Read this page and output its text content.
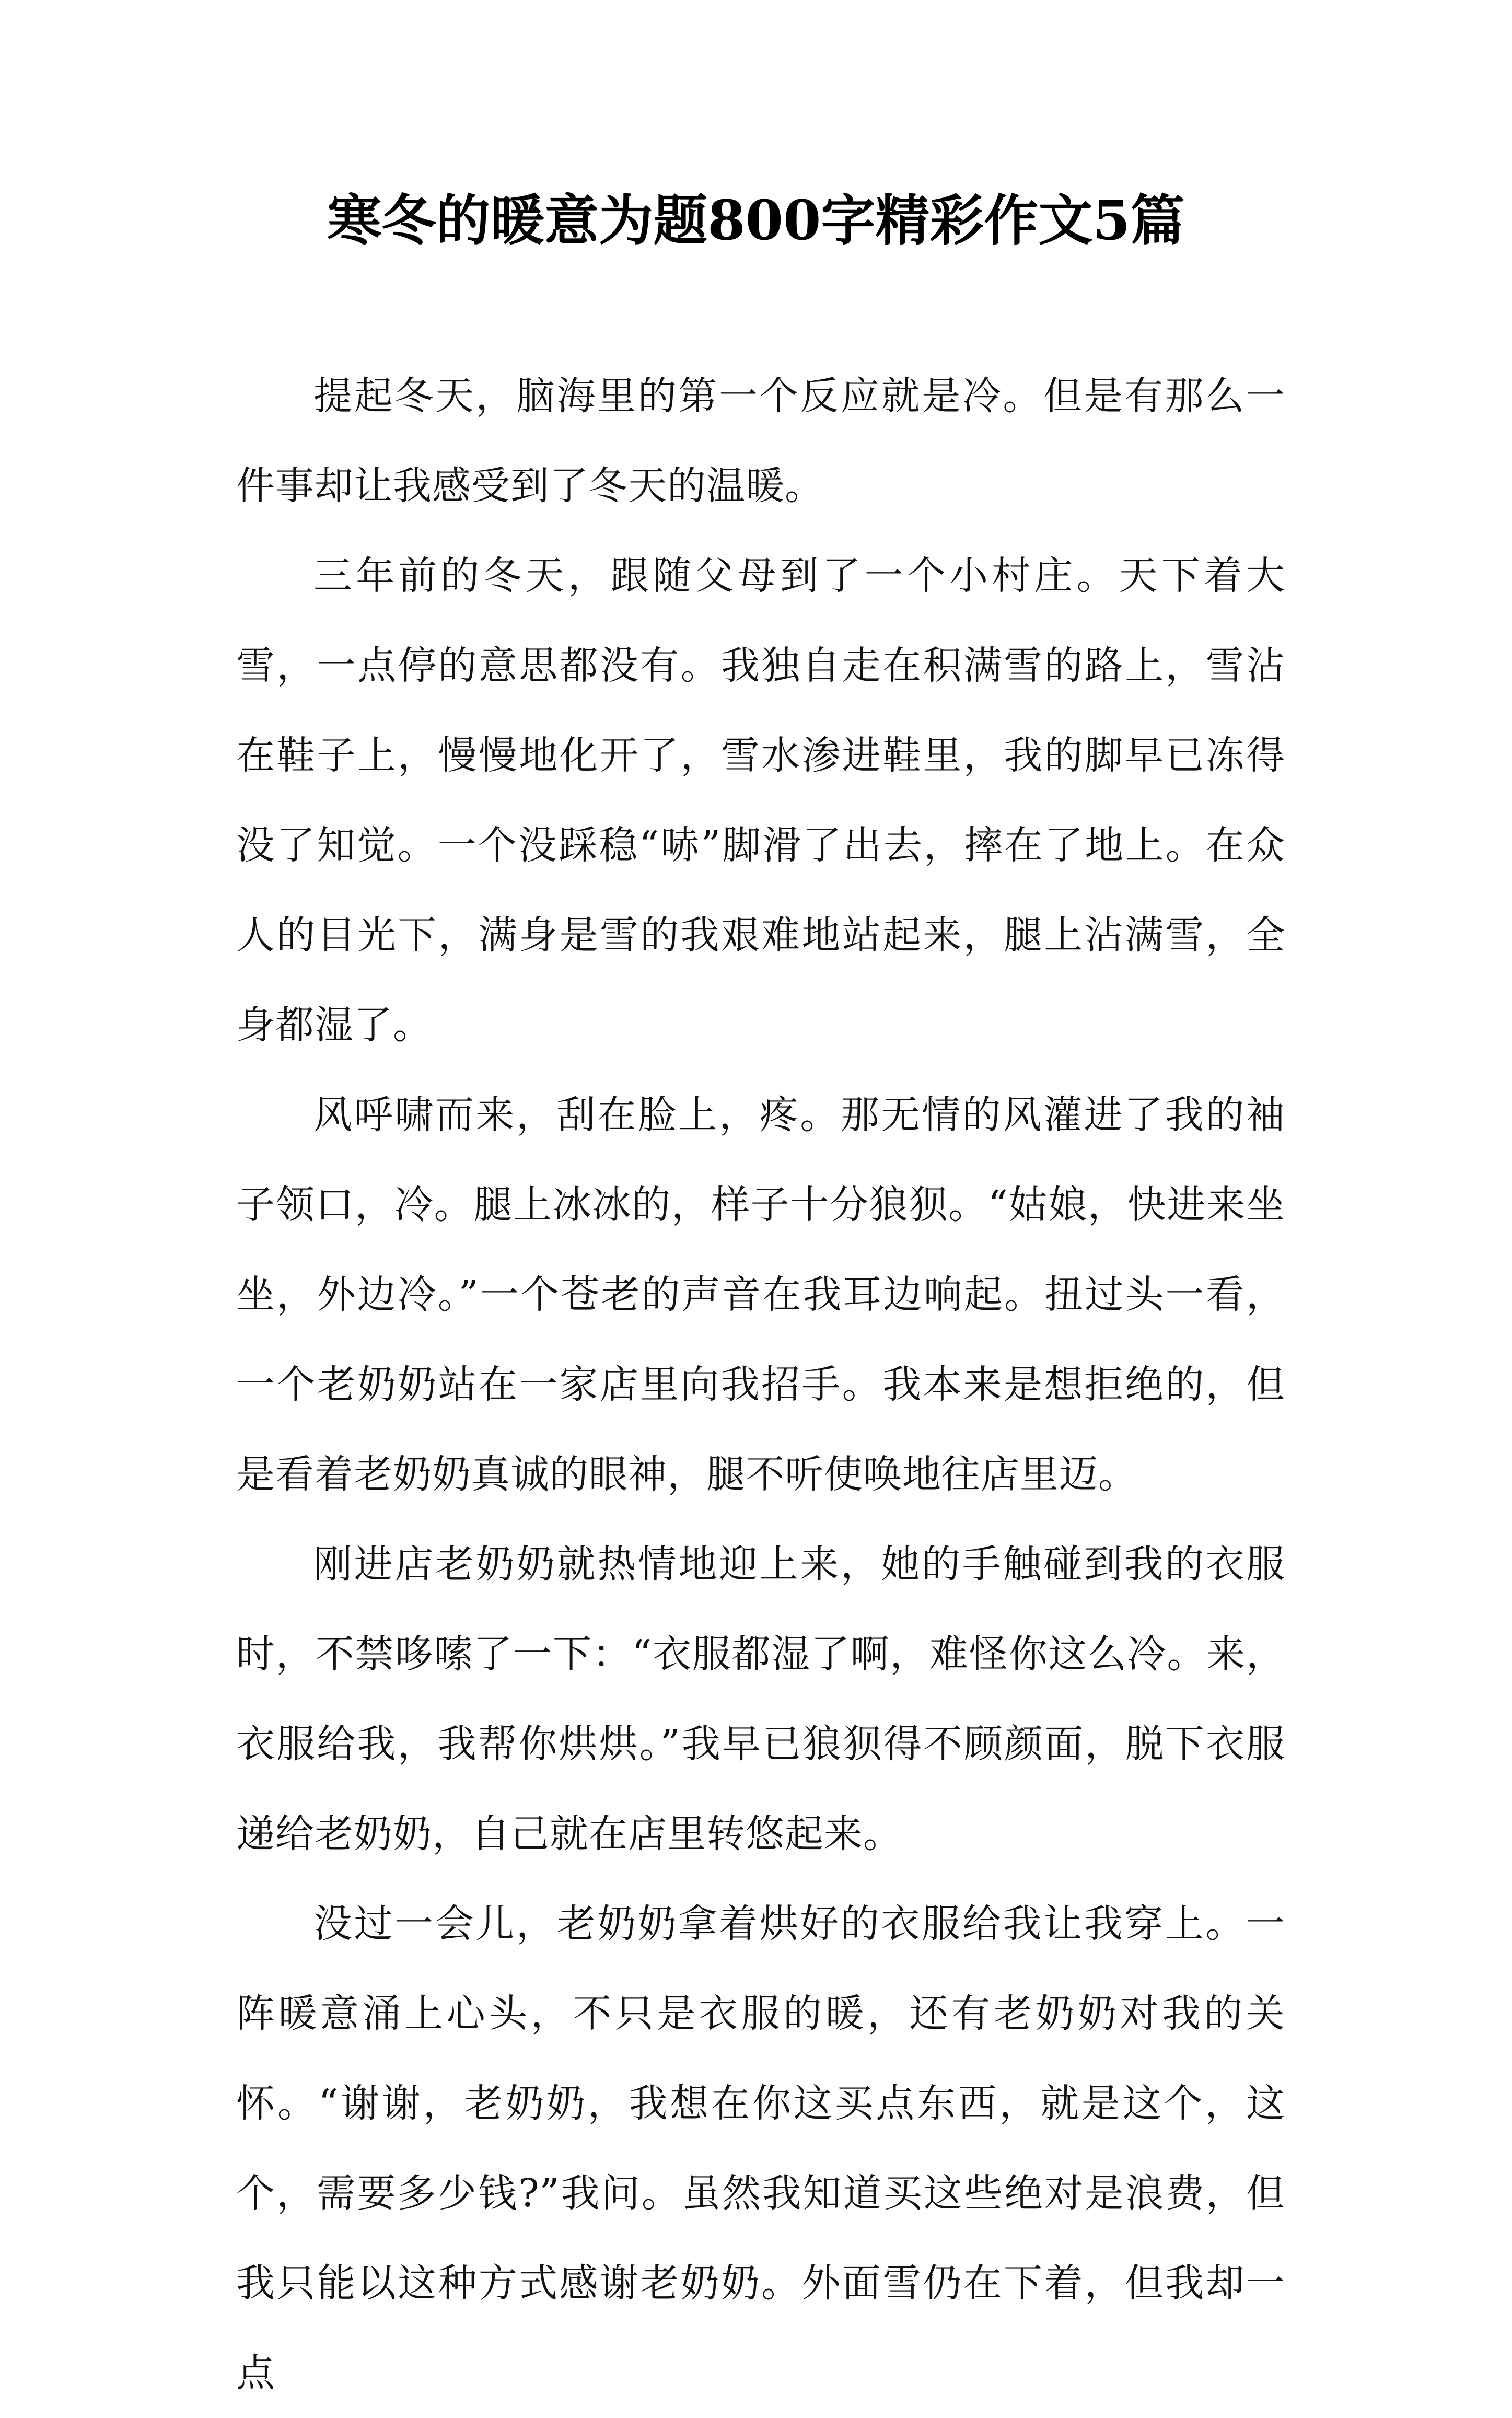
寒冬的暖意为题800字精彩作文5篇

提起冬天，脑海里的第一个反应就是冷。但是有那么一件事却让我感受到了冬天的温暖。

三年前的冬天，跟随父母到了一个小村庄。天下着大雪，一点停的意思都没有。我独自走在积满雪的路上，雪沾在鞋子上，慢慢地化开了，雪水渗进鞋里，我的脚早已冻得没了知觉。一个没踩稳“哧”脚滑了出去，摔在了地上。在众人的目光下，满身是雪的我艰难地站起来，腿上沾满雪，全身都湿了。

风呼啸而来，刮在脸上，疼。那无情的风灌进了我的袖子领口，冷。腿上冰冰的，样子十分狼狈。“姑娘，快进来坐坐，外边冷。”一个苍老的声音在我耳边响起。扭过头一看，一个老奶奶站在一家店里向我招手。我本来是想拒绝的，但是看着老奶奶真诚的眼神，腿不听使唤地往店里迈。

刚进店老奶奶就热情地迎上来，她的手触碰到我的衣服时，不禁哆嗦了一下：“衣服都湿了啊，难怪你这么冷。来，衣服给我，我帮你烘烘。”我早已狼狈得不顾颜面，脱下衣服递给老奶奶，自己就在店里转悠起来。

没过一会儿，老奶奶拿着烘好的衣服给我让我穿上。一阵暖意涌上心头，不只是衣服的暖，还有老奶奶对我的关怀。“谢谢，老奶奶，我想在你这买点东西，就是这个，这个，需要多少钱?”我问。虽然我知道买这些绝对是浪费，但我只能以这种方式感谢老奶奶。外面雪仍在下着，但我却一点
